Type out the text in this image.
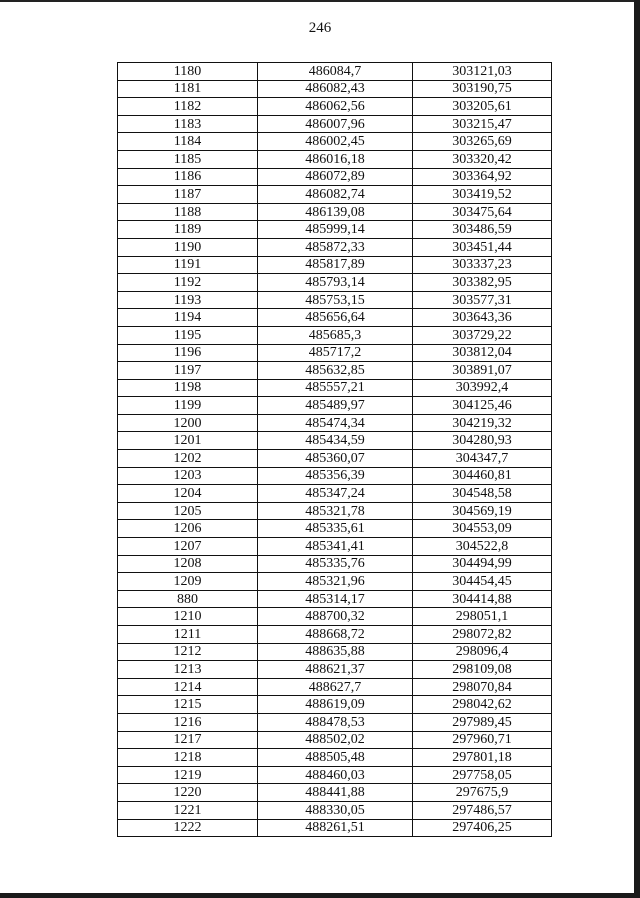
246
1180	486084,7	303121,03
1181	486082,43	303190,75
1182	486062,56	303205,61
1183	486007,96	303215,47
1184	486002,45	303265,69
1185	486016,18	303320,42
1186	486072,89	303364,92
1187	486082,74	303419,52
1188	486139,08	303475,64
1189	485999,14	303486,59
1190	485872,33	303451,44
1191	485817,89	303337,23
1192	485793,14	303382,95
1193	485753,15	303577,31
1194	485656,64	303643,36
1195	485685,3	303729,22
1196	485717,2	303812,04
1197	485632,85	303891,07
1198	485557,21	303992,4
1199	485489,97	304125,46
1200	485474,34	304219,32
1201	485434,59	304280,93
1202	485360,07	304347,7
1203	485356,39	304460,81
1204	485347,24	304548,58
1205	485321,78	304569,19
1206	485335,61	304553,09
1207	485341,41	304522,8
1208	485335,76	304494,99
1209	485321,96	304454,45
880	485314,17	304414,88
1210	488700,32	298051,1
1211	488668,72	298072,82
1212	488635,88	298096,4
1213	488621,37	298109,08
1214	488627,7	298070,84
1215	488619,09	298042,62
1216	488478,53	297989,45
1217	488502,02	297960,71
1218	488505,48	297801,18
1219	488460,03	297758,05
1220	488441,88	297675,9
1221	488330,05	297486,57
1222	488261,51	297406,25
